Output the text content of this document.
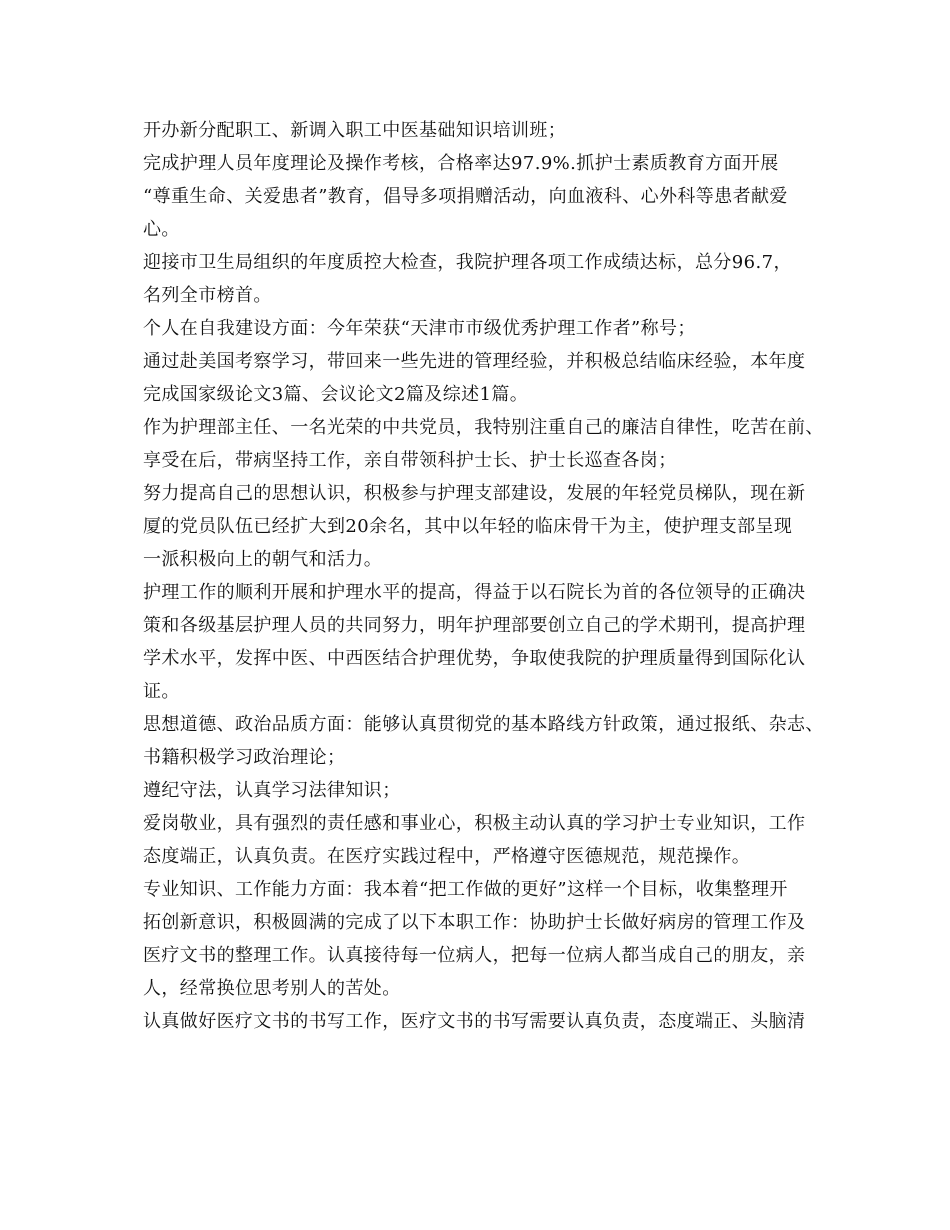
开办新分配职工、新调入职工中医基础知识培训班；
完成护理人员年度理论及操作考核，合格率达97.9%.抓护士素质教育方面开展
“尊重生命、关爱患者”教育，倡导多项捐赠活动，向血液科、心外科等患者献爱
心。
迎接市卫生局组织的年度质控大检查，我院护理各项工作成绩达标，总分96.7，
名列全市榜首。
个人在自我建设方面：今年荣获“天津市市级优秀护理工作者”称号；
通过赴美国考察学习，带回来一些先进的管理经验，并积极总结临床经验，本年度
完成国家级论文3篇、会议论文2篇及综述1篇。
作为护理部主任、一名光荣的中共党员，我特别注重自己的廉洁自律性，吃苦在前、
享受在后，带病坚持工作，亲自带领科护士长、护士长巡查各岗；
努力提高自己的思想认识，积极参与护理支部建设，发展的年轻党员梯队，现在新
厦的党员队伍已经扩大到20余名，其中以年轻的临床骨干为主，使护理支部呈现
一派积极向上的朝气和活力。
护理工作的顺利开展和护理水平的提高，得益于以石院长为首的各位领导的正确决
策和各级基层护理人员的共同努力，明年护理部要创立自己的学术期刊，提高护理
学术水平，发挥中医、中西医结合护理优势，争取使我院的护理质量得到国际化认
证。
思想道德、政治品质方面：能够认真贯彻党的基本路线方针政策，通过报纸、杂志、
书籍积极学习政治理论；
遵纪守法，认真学习法律知识；
爱岗敬业，具有强烈的责任感和事业心，积极主动认真的学习护士专业知识，工作
态度端正，认真负责。在医疗实践过程中，严格遵守医德规范，规范操作。
专业知识、工作能力方面：我本着“把工作做的更好”这样一个目标，收集整理开
拓创新意识，积极圆满的完成了以下本职工作：协助护士长做好病房的管理工作及
医疗文书的整理工作。认真接待每一位病人，把每一位病人都当成自己的朋友，亲
人，经常换位思考别人的苦处。
认真做好医疗文书的书写工作，医疗文书的书写需要认真负责，态度端正、头脑清
